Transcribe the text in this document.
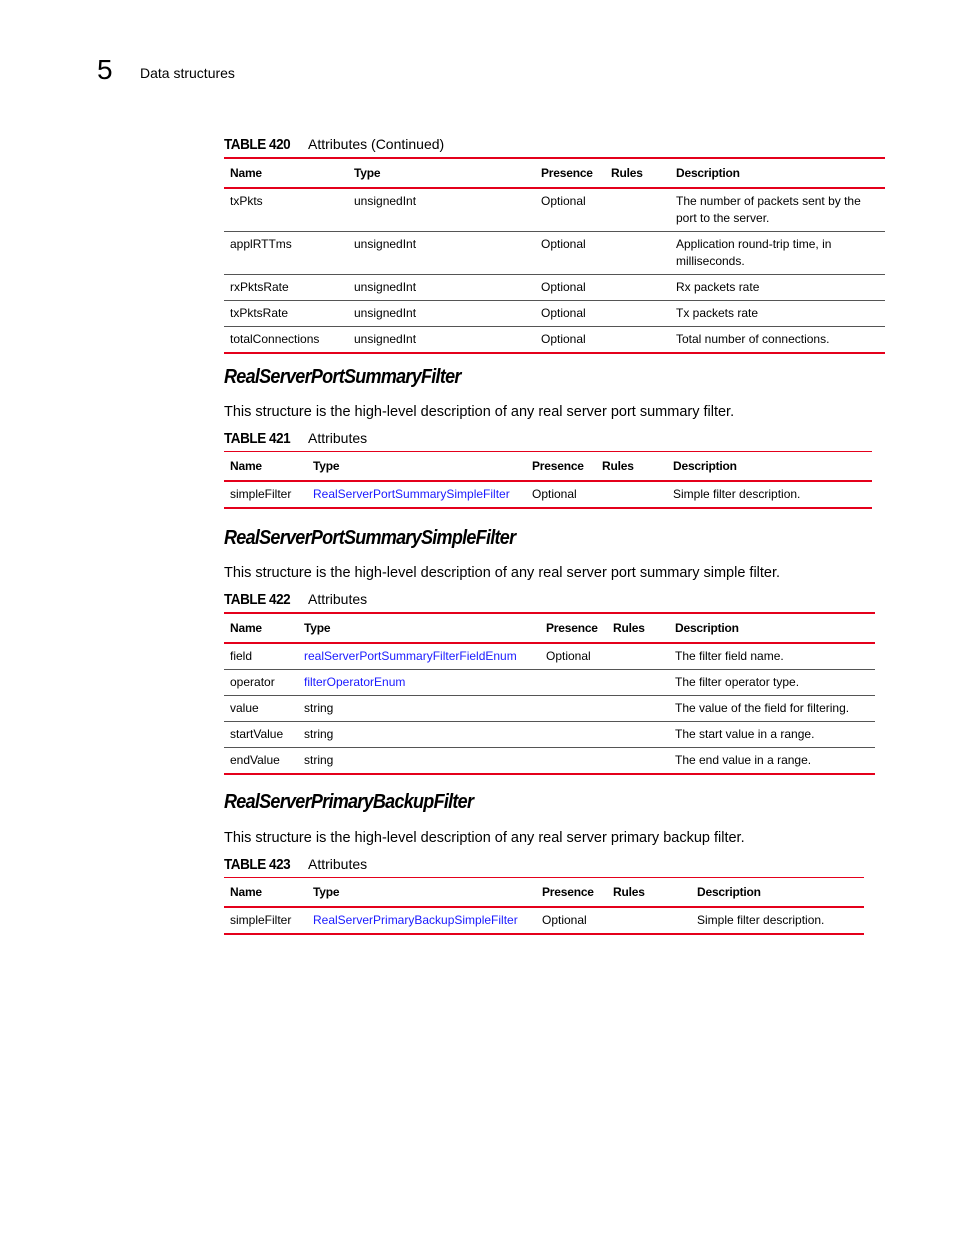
5 Data structures
TABLE 420 Attributes (Continued)
Name	Type	Presence	Rules	Description
txPkts	unsignedInt	Optional		The number of packets sent by the port to the server.
applRTTms	unsignedInt	Optional		Application round-trip time, in milliseconds.
rxPktsRate	unsignedInt	Optional		Rx packets rate
txPktsRate	unsignedInt	Optional		Tx packets rate
totalConnections	unsignedInt	Optional		Total number of connections.
RealServerPortSummaryFilter

This structure is the high-level description of any real server port summary filter.

TABLE 421 Attributes
Name	Type	Presence	Rules	Description
simpleFilter	RealServerPortSummarySimpleFilter	Optional		Simple filter description.
RealServerPortSummarySimpleFilter

This structure is the high-level description of any real server port summary simple filter.

TABLE 422 Attributes
Name	Type	Presence	Rules	Description
field	realServerPortSummaryFilterFieldEnum	Optional		The filter field name.
operator	filterOperatorEnum			The filter operator type.
value	string			The value of the field for filtering.
startValue	string			The start value in a range.
endValue	string			The end value in a range.
RealServerPrimaryBackupFilter

This structure is the high-level description of any real server primary backup filter.

TABLE 423 Attributes
Name	Type	Presence	Rules	Description
simpleFilter	RealServerPrimaryBackupSimpleFilter	Optional		Simple filter description.
